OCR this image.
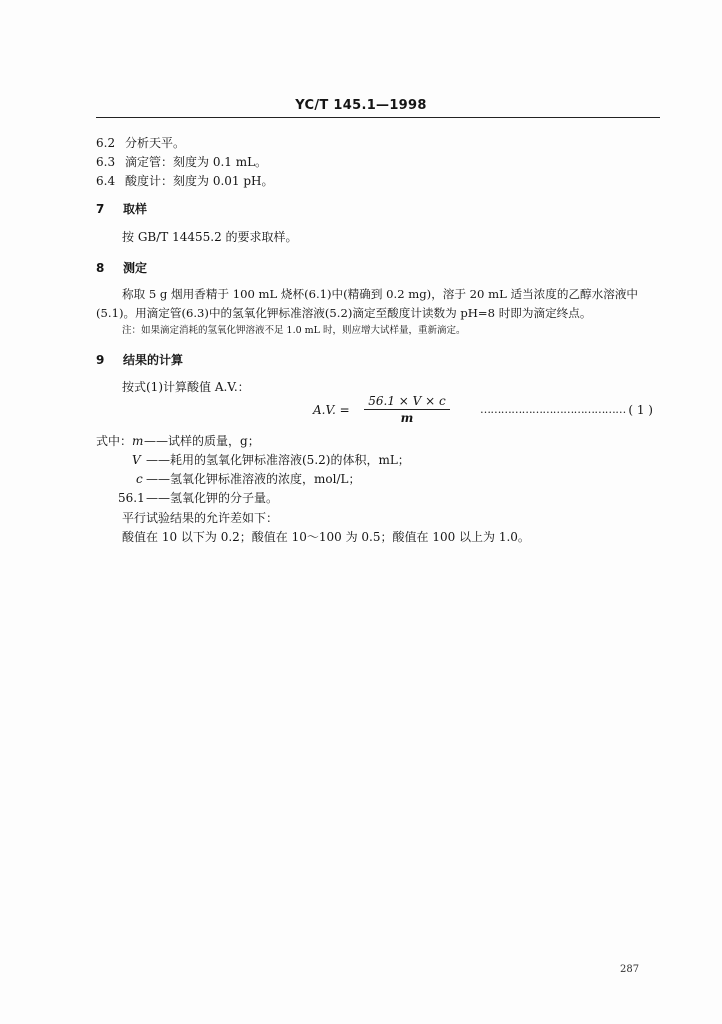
YC/T 145.1—1998
6.2 分析天平。
6.3 滴定管：刻度为 0.1 mL。
6.4 酸度计：刻度为 0.01 pH。
7 取样
按 GB/T 14455.2 的要求取样。
8 测定
称取 5 g 烟用香精于 100 mL 烧杯(6.1)中(精确到 0.2 mg)，溶于 20 mL 适当浓度的乙醇水溶液中
(5.1)。用滴定管(6.3)中的氢氧化钾标准溶液(5.2)滴定至酸度计读数为 pH=8 时即为滴定终点。
注：如果滴定消耗的氢氧化钾溶液不足 1.0 mL 时，则应增大试样量，重新滴定。
9 结果的计算
按式(1)计算酸值 A.V.：
A.V. = $\frac{56.1 \times V \times c}{m}$	…………………………………… ( 1 )
式中：m——试样的质量，g；
V ——耗用的氢氧化钾标准溶液(5.2)的体积，mL；
c ——氢氧化钾标准溶液的浓度，mol/L；
56.1——氢氧化钾的分子量。
平行试验结果的允许差如下：
酸值在 10 以下为 0.2；酸值在 10～100 为 0.5；酸值在 100 以上为 1.0。
287
